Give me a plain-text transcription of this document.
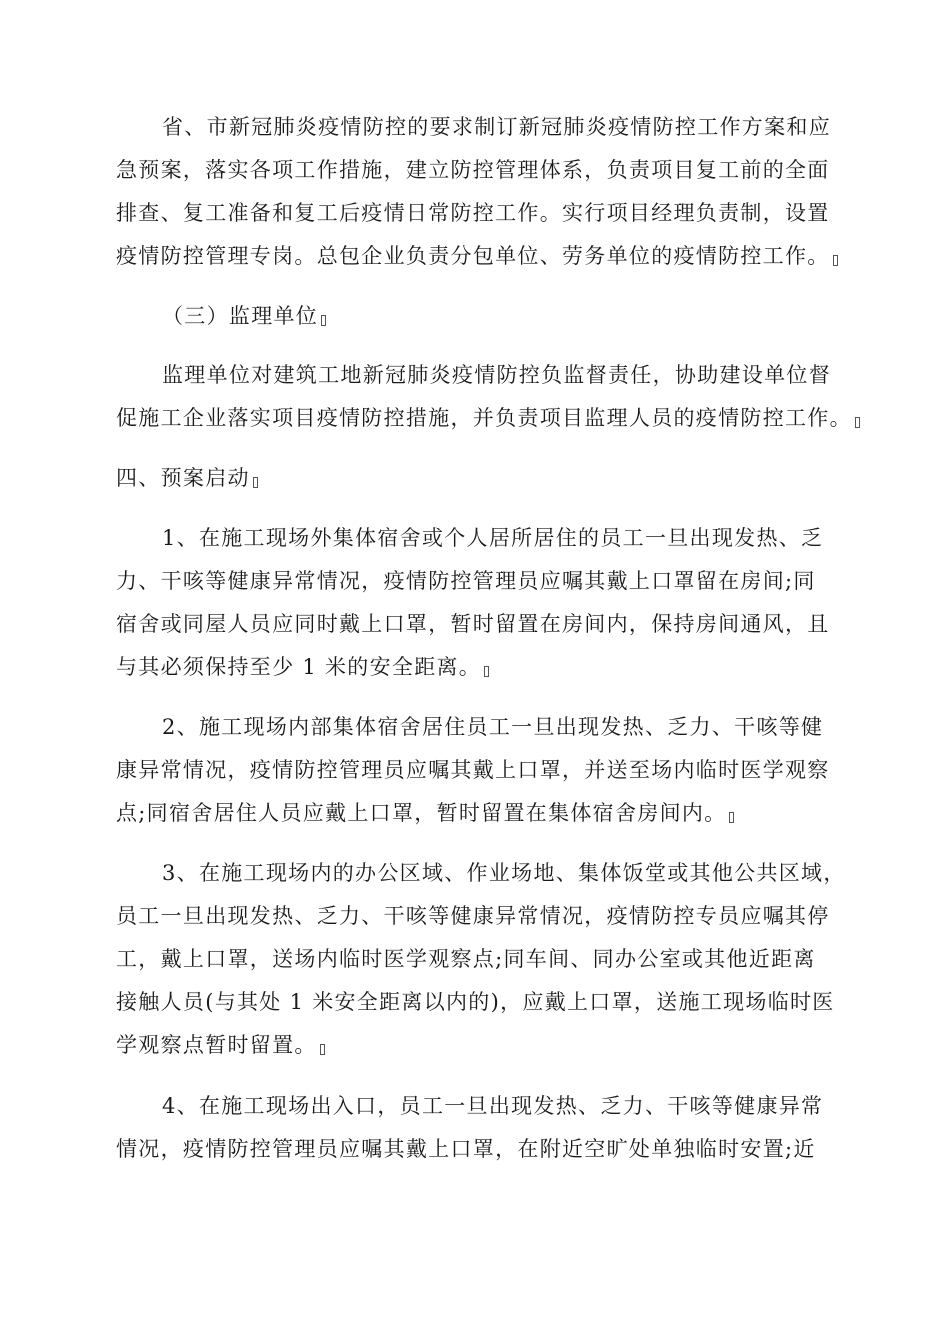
省、市新冠肺炎疫情防控的要求制订新冠肺炎疫情防控工作方案和应
急预案，落实各项工作措施，建立防控管理体系，负责项目复工前的全面
排查、复工准备和复工后疫情日常防控工作。实行项目经理负责制，设置
疫情防控管理专岗。总包企业负责分包单位、劳务单位的疫情防控工作。
（三）监理单位
监理单位对建筑工地新冠肺炎疫情防控负监督责任，协助建设单位督
促施工企业落实项目疫情防控措施，并负责项目监理人员的疫情防控工作。
四、预案启动
1、在施工现场外集体宿舍或个人居所居住的员工一旦出现发热、乏
力、干咳等健康异常情况，疫情防控管理员应嘱其戴上口罩留在房间;同
宿舍或同屋人员应同时戴上口罩，暂时留置在房间内，保持房间通风，且
与其必须保持至少 1 米的安全距离。
2、施工现场内部集体宿舍居住员工一旦出现发热、乏力、干咳等健
康异常情况，疫情防控管理员应嘱其戴上口罩，并送至场内临时医学观察
点;同宿舍居住人员应戴上口罩，暂时留置在集体宿舍房间内。
3、在施工现场内的办公区域、作业场地、集体饭堂或其他公共区域，
员工一旦出现发热、乏力、干咳等健康异常情况，疫情防控专员应嘱其停
工，戴上口罩，送场内临时医学观察点;同车间、同办公室或其他近距离
接触人员(与其处 1 米安全距离以内的)，应戴上口罩，送施工现场临时医
学观察点暂时留置。
4、在施工现场出入口，员工一旦出现发热、乏力、干咳等健康异常
情况，疫情防控管理员应嘱其戴上口罩，在附近空旷处单独临时安置;近
